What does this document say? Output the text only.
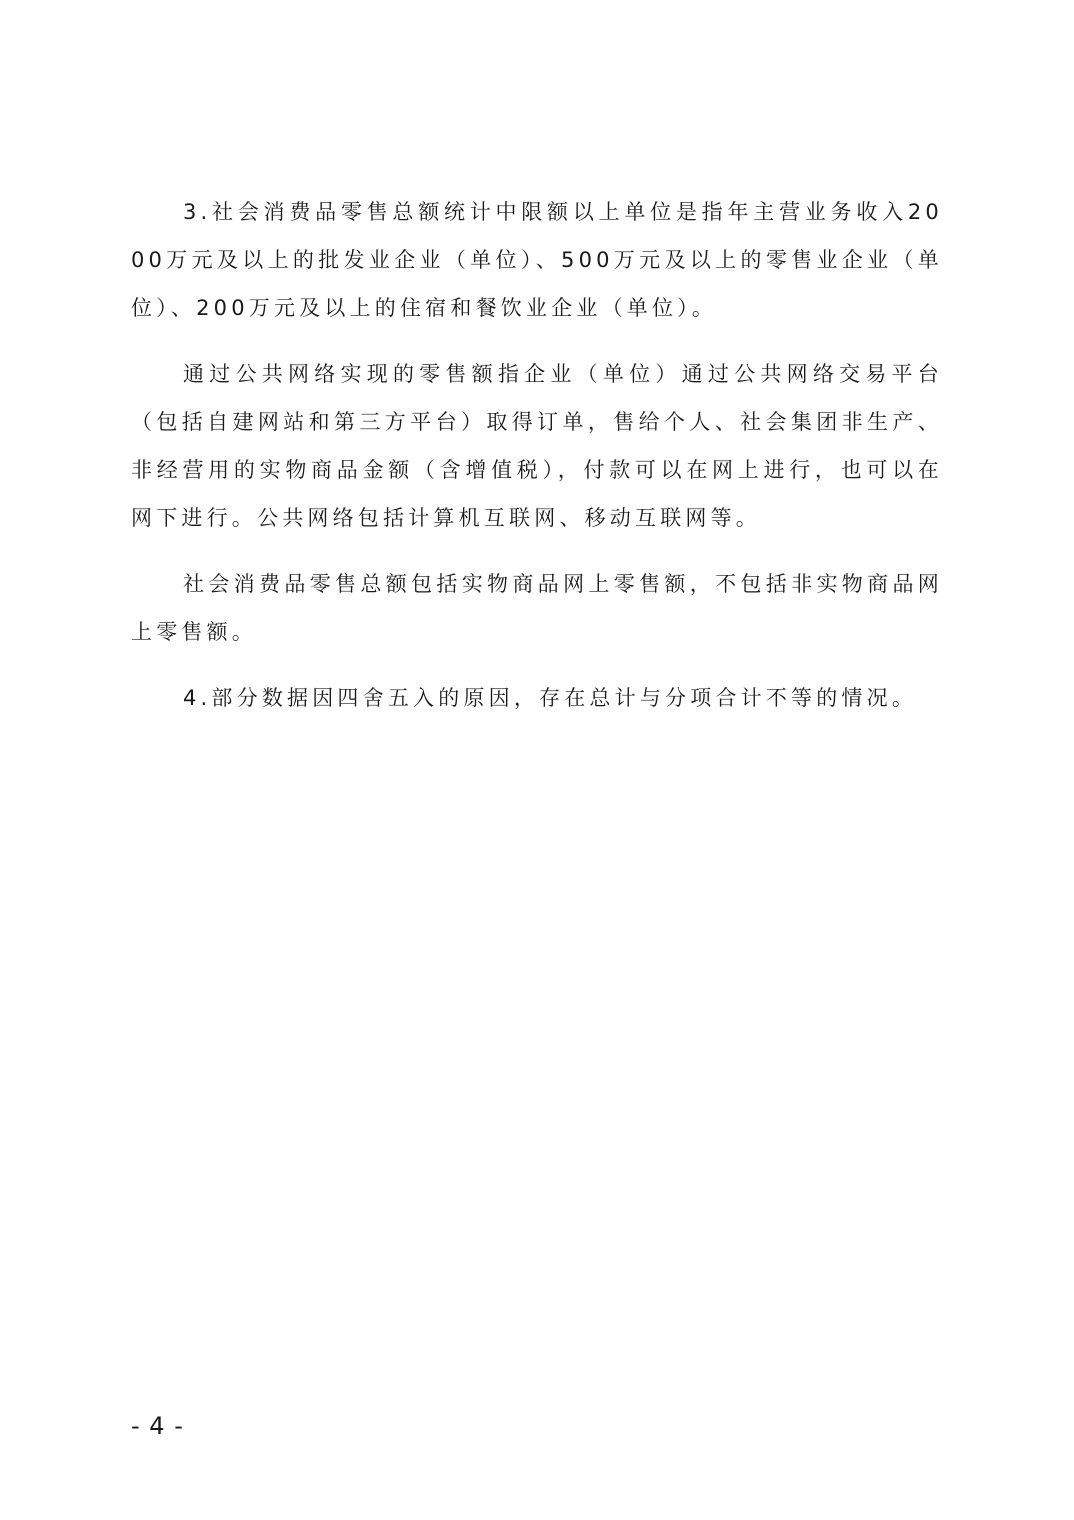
3.社会消费品零售总额统计中限额以上单位是指年主营业务收入2000万元及以上的批发业企业（单位）、500万元及以上的零售业企业（单位）、200万元及以上的住宿和餐饮业企业（单位）。

通过公共网络实现的零售额指企业（单位）通过公共网络交易平台（包括自建网站和第三方平台）取得订单，售给个人、社会集团非生产、非经营用的实物商品金额（含增值税），付款可以在网上进行，也可以在网下进行。公共网络包括计算机互联网、移动互联网等。

社会消费品零售总额包括实物商品网上零售额，不包括非实物商品网上零售额。

4.部分数据因四舍五入的原因，存在总计与分项合计不等的情况。

- 4 -
